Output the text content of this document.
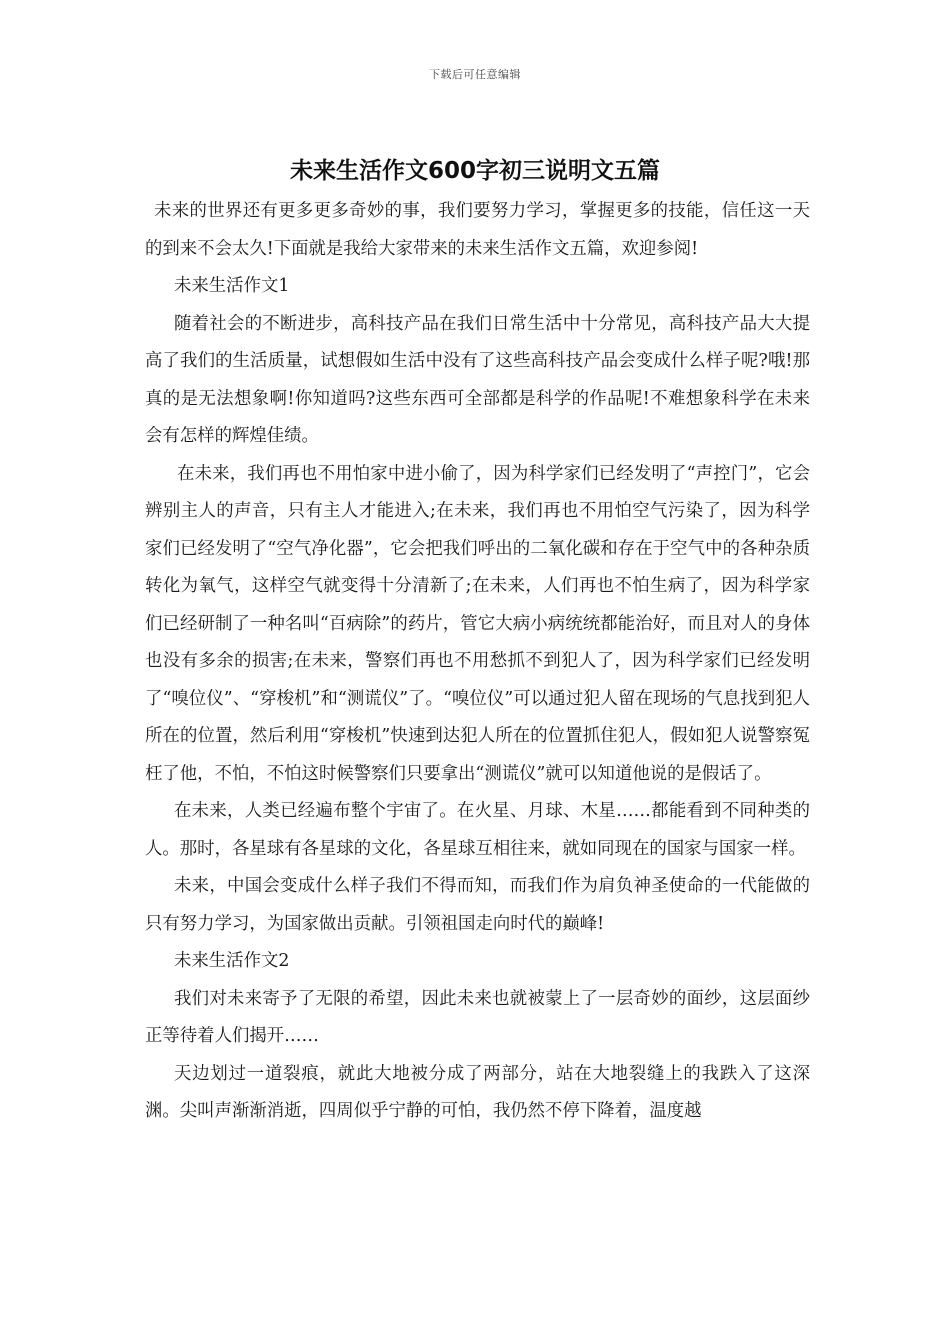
下载后可任意编辑
未来生活作文600字初三说明文五篇

未来的世界还有更多更多奇妙的事，我们要努力学习，掌握更多的技能，信任这一天的到来不会太久!下面就是我给大家带来的未来生活作文五篇，欢迎参阅!

未来生活作文1

随着社会的不断进步，高科技产品在我们日常生活中十分常见，高科技产品大大提高了我们的生活质量，试想假如生活中没有了这些高科技产品会变成什么样子呢?哦!那真的是无法想象啊!你知道吗?这些东西可全部都是科学的作品呢!不难想象科学在未来会有怎样的辉煌佳绩。

在未来，我们再也不用怕家中进小偷了，因为科学家们已经发明了“声控门”，它会辨别主人的声音，只有主人才能进入;在未来，我们再也不用怕空气污染了，因为科学家们已经发明了“空气净化器”，它会把我们呼出的二氧化碳和存在于空气中的各种杂质转化为氧气，这样空气就变得十分清新了;在未来，人们再也不怕生病了，因为科学家们已经研制了一种名叫“百病除”的药片，管它大病小病统统都能治好，而且对人的身体也没有多余的损害;在未来，警察们再也不用愁抓不到犯人了，因为科学家们已经发明了“嗅位仪”、“穿梭机”和“测谎仪”了。“嗅位仪”可以通过犯人留在现场的气息找到犯人所在的位置，然后利用“穿梭机”快速到达犯人所在的位置抓住犯人，假如犯人说警察冤枉了他，不怕，不怕这时候警察们只要拿出“测谎仪”就可以知道他说的是假话了。

在未来，人类已经遍布整个宇宙了。在火星、月球、木星……都能看到不同种类的人。那时，各星球有各星球的文化，各星球互相往来，就如同现在的国家与国家一样。

未来，中国会变成什么样子我们不得而知，而我们作为肩负神圣使命的一代能做的只有努力学习，为国家做出贡献。引领祖国走向时代的巅峰!

未来生活作文2

我们对未来寄予了无限的希望，因此未来也就被蒙上了一层奇妙的面纱，这层面纱正等待着人们揭开……

天边划过一道裂痕，就此大地被分成了两部分，站在大地裂缝上的我跌入了这深渊。尖叫声渐渐消逝，四周似乎宁静的可怕，我仍然不停下降着，温度越
